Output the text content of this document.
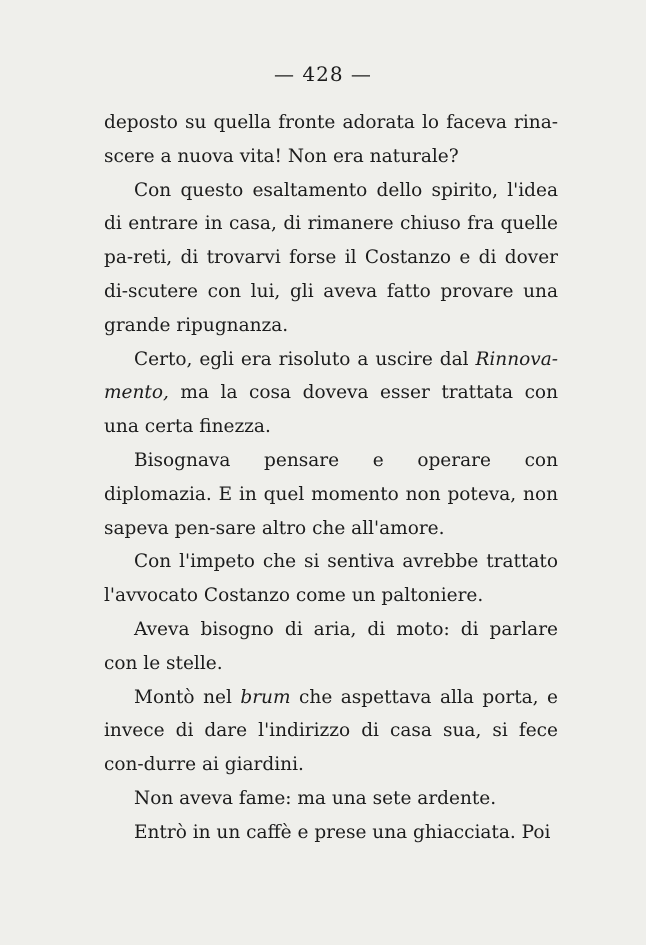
— 428 —

deposto su quella fronte adorata lo faceva rina-scere a nuova vita! Non era naturale?

Con questo esaltamento dello spirito, l'idea di entrare in casa, di rimanere chiuso fra quelle pa-reti, di trovarvi forse il Costanzo e di dover di-scutere con lui, gli aveva fatto provare una grande ripugnanza.

Certo, egli era risoluto a uscire dal Rinnova-mento, ma la cosa doveva esser trattata con una certa finezza.

Bisognava pensare e operare con diplomazia. E in quel momento non poteva, non sapeva pen-sare altro che all'amore.

Con l'impeto che si sentiva avrebbe trattato l'avvocato Costanzo come un paltoniere.

Aveva bisogno di aria, di moto: di parlare con le stelle.

Montò nel brum che aspettava alla porta, e invece di dare l'indirizzo di casa sua, si fece con-durre ai giardini.

Non aveva fame: ma una sete ardente.

Entrò in un caffè e prese una ghiacciata. Poi
